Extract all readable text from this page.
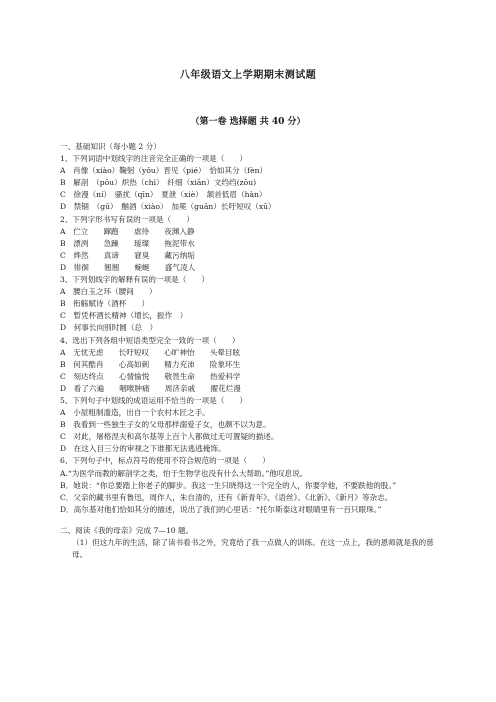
八年级语文上学期期末测试题
（第一卷 选择题 共 40 分）
一、基础知识（每小题 2 分）
1、下列词语中划线字的注音完全正确的一项是（　　）
A　肖像（xiào）鞠躬（yǒu）晋见（pié）　恰如其分（fèn）
B　解剖　（pōu）炽热（chì）　纤细（xiān）文绉绉(zōu)
C　徐漫（ní）　骚扰（qīn）　夏泄（xiè）　颔首低眉（hàn）
D　禁锢　（gū）　酗酒（xiào）　加冕（guān）长吁短叹（xū）
2、下列字形书写有误的一项是（　　）
A　伫立　　蹿跑　　虐待　　夜渊入静
B　漂洌　　急躁　　瑷璨　　拖泥带水
C　烨然　　真谛　　窘臭　　藏污纳垢
D　徘徊　　翘翘　　蜿蜒　　盛气凌人
3、下列划线字的解释有误的一项是（　　）
A　腰白玉之环（腰间　　）
B　衔觞赋诗（酒杯　　）
C　暂凭杯酒长精神（增长，振作　）
D　何事长向别时圆（总　）
4、选出下列各组中短语类型完全一致的一项（　　）
A　无忧无虑　　长吁短叹　　心旷神怡　　头晕目眩
B　何其酷肖　　心高如刺　　精力充沛　　险象环生
C　刻达终点　　心情愉悦　　敬畏生命　　热爱科学
D　看了六遍　　咽喉肿痛　　周济亲戚　　擢花烂漫
5、下列句子中划线的成语运用不恰当的一项是（　　）
A　小屋粗制滥造，出自一个农村木匠之手。
B　我看到一些独生子女的父母那样溺爱子女，也颇不以为意。
C　对此，屠格涅夫和高尔基等上百个人都做过无可置疑的描述。
D　在这入目三分的审视之下谁都无法逃逃掩饰。
6、下列句子中，标点符号的使用不符合规范的一项是（　　）
A.“为医学而教的解剖学之类，怕于生物学也没有什么大帮助。”他叹息说。
B．她说：“你总要踏上你老子的脚步。我这一生只晓得这一个完全的人，你要学他，不要跌他的股。”
C．父亲的藏书里有鲁迅，周作人，朱自清的，还有《新青年》、《语丝》、《北新》、《新月》等杂志。
D．高尔基对他们恰如其分的描述，说出了我们的心里话：“托尔斯泰这对眼睛里有一百只眼珠。”
二、阅读《我的母亲》完成 7—10 题。
（1）但这九年的生活，除了读书看书之外，究竟给了我一点做人的训练。在这一点上，我的恩师就是我的慈母。
